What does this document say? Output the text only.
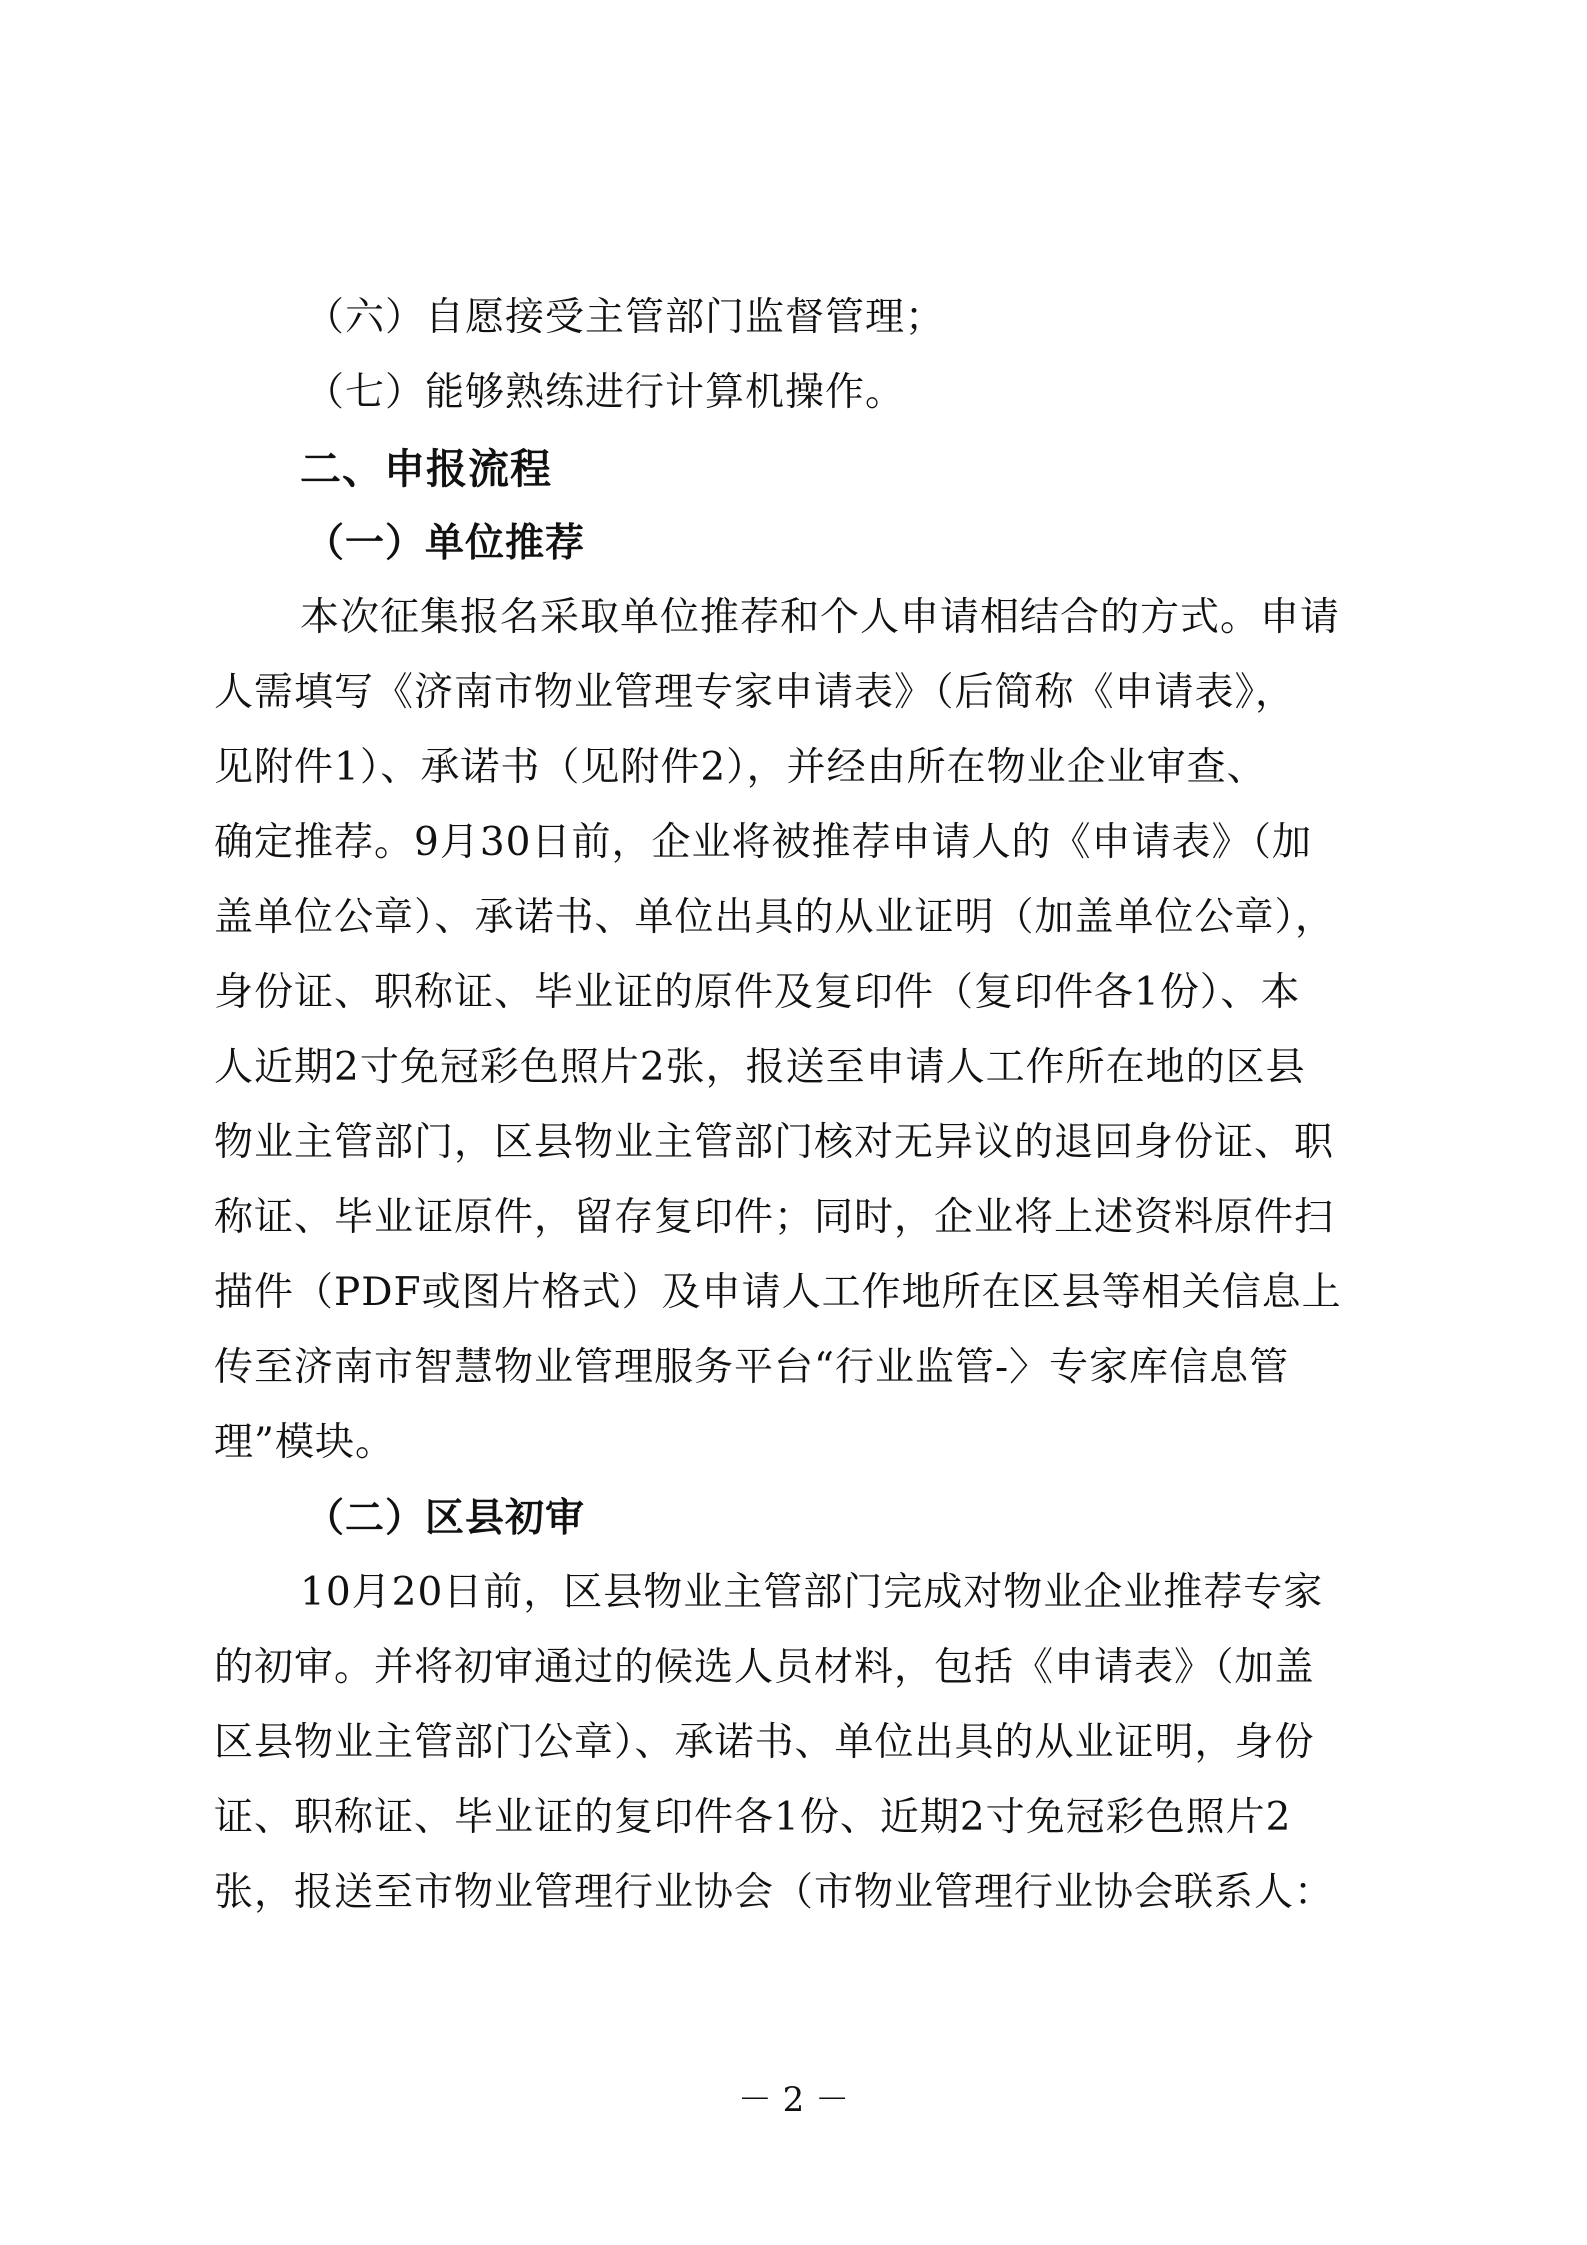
（六）自愿接受主管部门监督管理；
（七）能够熟练进行计算机操作。
二、申报流程
（一）单位推荐
本次征集报名采取单位推荐和个人申请相结合的方式。申请
人需填写《济南市物业管理专家申请表》（后简称《申请表》，
见附件1）、承诺书（见附件2），并经由所在物业企业审查、
确定推荐。9月30日前，企业将被推荐申请人的《申请表》（加
盖单位公章）、承诺书、单位出具的从业证明（加盖单位公章），
身份证、职称证、毕业证的原件及复印件（复印件各1份）、本
人近期2寸免冠彩色照片2张，报送至申请人工作所在地的区县
物业主管部门，区县物业主管部门核对无异议的退回身份证、职
称证、毕业证原件，留存复印件；同时，企业将上述资料原件扫
描件（PDF或图片格式）及申请人工作地所在区县等相关信息上
传至济南市智慧物业管理服务平台“行业监管-〉专家库信息管
理”模块。
（二）区县初审
10月20日前，区县物业主管部门完成对物业企业推荐专家
的初审。并将初审通过的候选人员材料，包括《申请表》（加盖
区县物业主管部门公章）、承诺书、单位出具的从业证明，身份
证、职称证、毕业证的复印件各1份、近期2寸免冠彩色照片2
张，报送至市物业管理行业协会（市物业管理行业协会联系人：
－ 2 －
